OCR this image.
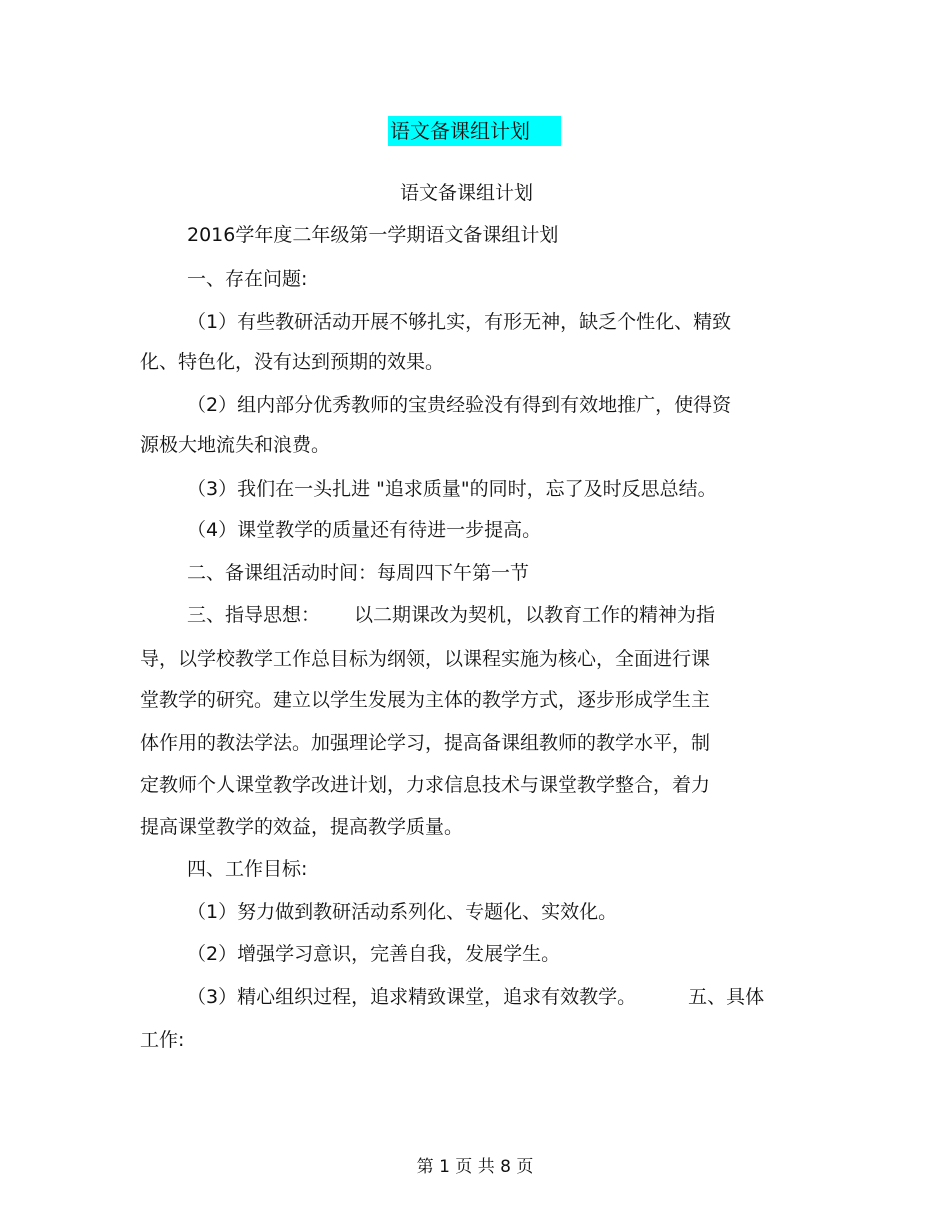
语文备课组计划
语文备课组计划
2016学年度二年级第一学期语文备课组计划
一、存在问题:
（1）有些教研活动开展不够扎实，有形无神，缺乏个性化、精致
化、特色化，没有达到预期的效果。
（2）组内部分优秀教师的宝贵经验没有得到有效地推广，使得资
源极大地流失和浪费。
（3）我们在一头扎进 "追求质量"的同时，忘了及时反思总结。
（4）课堂教学的质量还有待进一步提高。
二、备课组活动时间：每周四下午第一节
三、指导思想： 以二期课改为契机，以教育工作的精神为指
导，以学校教学工作总目标为纲领，以课程实施为核心，全面进行课
堂教学的研究。建立以学生发展为主体的教学方式，逐步形成学生主
体作用的教法学法。加强理论学习，提高备课组教师的教学水平，制
定教师个人课堂教学改进计划，力求信息技术与课堂教学整合，着力
提高课堂教学的效益，提高教学质量。
四、工作目标:
（1）努力做到教研活动系列化、专题化、实效化。
（2）增强学习意识，完善自我，发展学生。
（3）精心组织过程，追求精致课堂，追求有效教学。	五、具体
工作:
第 1 页 共 8 页
